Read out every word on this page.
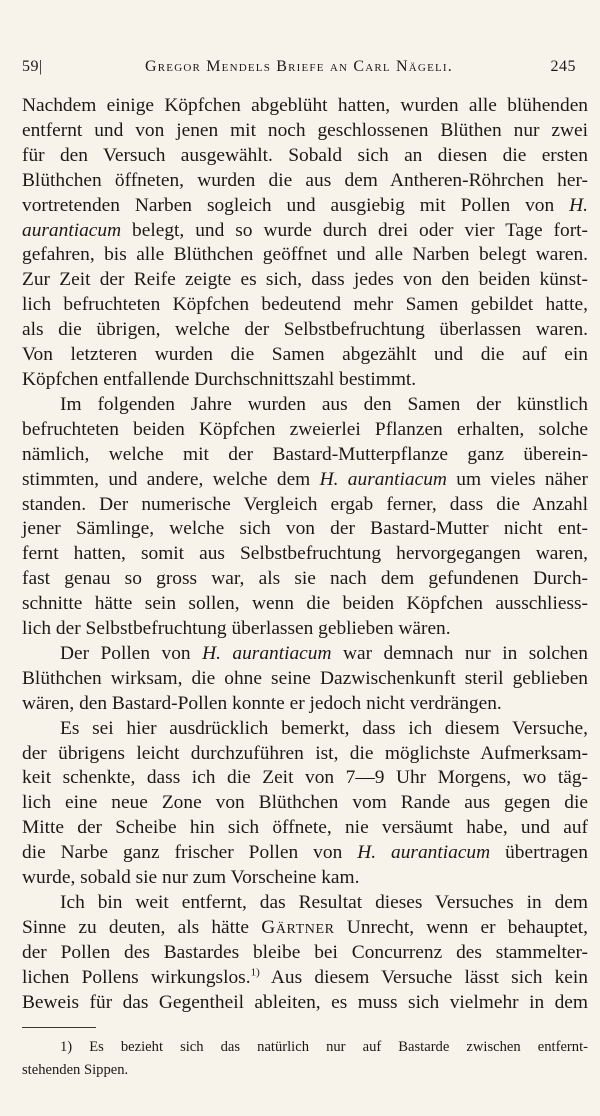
59|	Gregor Mendels Briefe an Carl Nägeli.	245
Nachdem einige Köpfchen abgeblüht hatten, wurden alle blühenden
entfernt und von jenen mit noch geschlossenen Blüthen nur zwei
für den Versuch ausgewählt. Sobald sich an diesen die ersten
Blüthchen öffneten, wurden die aus dem Antheren-Röhrchen her-
vortretenden Narben sogleich und ausgiebig mit Pollen von H.
aurantiacum belegt, und so wurde durch drei oder vier Tage fort-
gefahren, bis alle Blüthchen geöffnet und alle Narben belegt waren.
Zur Zeit der Reife zeigte es sich, dass jedes von den beiden künst-
lich befruchteten Köpfchen bedeutend mehr Samen gebildet hatte,
als die übrigen, welche der Selbstbefruchtung überlassen waren.
Von letzteren wurden die Samen abgezählt und die auf ein
Köpfchen entfallende Durchschnittszahl bestimmt.
Im folgenden Jahre wurden aus den Samen der künstlich
befruchteten beiden Köpfchen zweierlei Pflanzen erhalten, solche
nämlich, welche mit der Bastard-Mutterpflanze ganz überein-
stimmten, und andere, welche dem H. aurantiacum um vieles näher
standen. Der numerische Vergleich ergab ferner, dass die Anzahl
jener Sämlinge, welche sich von der Bastard-Mutter nicht ent-
fernt hatten, somit aus Selbstbefruchtung hervorgegangen waren,
fast genau so gross war, als sie nach dem gefundenen Durch-
schnitte hätte sein sollen, wenn die beiden Köpfchen ausschliess-
lich der Selbstbefruchtung überlassen geblieben wären.
Der Pollen von H. aurantiacum war demnach nur in solchen
Blüthchen wirksam, die ohne seine Dazwischenkunft steril geblieben
wären, den Bastard-Pollen konnte er jedoch nicht verdrängen.
Es sei hier ausdrücklich bemerkt, dass ich diesem Versuche,
der übrigens leicht durchzuführen ist, die möglichste Aufmerksam-
keit schenkte, dass ich die Zeit von 7—9 Uhr Morgens, wo täg-
lich eine neue Zone von Blüthchen vom Rande aus gegen die
Mitte der Scheibe hin sich öffnete, nie versäumt habe, und auf
die Narbe ganz frischer Pollen von H. aurantiacum übertragen
wurde, sobald sie nur zum Vorscheine kam.
Ich bin weit entfernt, das Resultat dieses Versuches in dem
Sinne zu deuten, als hätte Gärtner Unrecht, wenn er behauptet,
der Pollen des Bastardes bleibe bei Concurrenz des stammelter-
lichen Pollens wirkungslos.$^{1)}$ Aus diesem Versuche lässt sich kein
Beweis für das Gegentheil ableiten, es muss sich vielmehr in dem
1) Es bezieht sich das natürlich nur auf Bastarde zwischen entfernt-
stehenden Sippen.
